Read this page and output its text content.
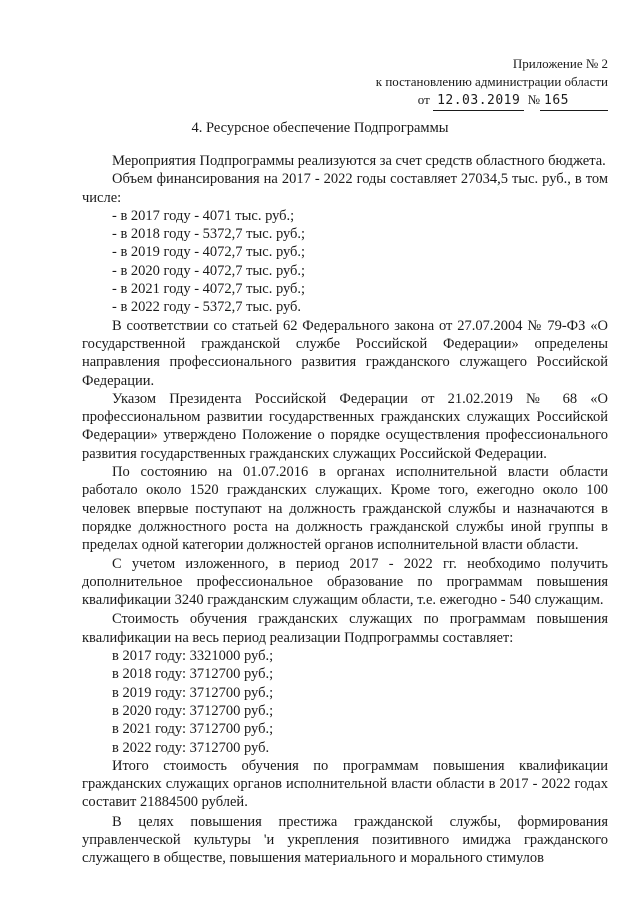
Приложение № 2
к постановлению администрации области
от 12.03.2019 № 165
4. Ресурсное обеспечение Подпрограммы

Мероприятия Подпрограммы реализуются за счет средств областного бюджета.

Объем финансирования на 2017 - 2022 годы составляет 27034,5 тыс. руб., в том числе:

- в 2017 году - 4071 тыс. руб.;

- в 2018 году - 5372,7 тыс. руб.;

- в 2019 году - 4072,7 тыс. руб.;

- в 2020 году - 4072,7 тыс. руб.;

- в 2021 году - 4072,7 тыс. руб.;

- в 2022 году - 5372,7 тыс. руб.

В соответствии со статьей 62 Федерального закона от 27.07.2004 № 79-ФЗ «О государственной гражданской службе Российской Федерации» определены направления профессионального развития гражданского служащего Российской Федерации.

Указом Президента Российской Федерации от 21.02.2019 № 68 «О профессиональном развитии государственных гражданских служащих Российской Федерации» утверждено Положение о порядке осуществления профессионального развития государственных гражданских служащих Российской Федерации.

По состоянию на 01.07.2016 в органах исполнительной власти области работало около 1520 гражданских служащих. Кроме того, ежегодно около 100 человек впервые поступают на должность гражданской службы и назначаются в порядке должностного роста на должность гражданской службы иной группы в пределах одной категории должностей органов исполнительной власти области.

С учетом изложенного, в период 2017 - 2022 гг. необходимо получить дополнительное профессиональное образование по программам повышения квалификации 3240 гражданским служащим области, т.е. ежегодно - 540 служащим.

Стоимость обучения гражданских служащих по программам повышения квалификации на весь период реализации Подпрограммы составляет:

в 2017 году: 3321000 руб.;

в 2018 году: 3712700 руб.;

в 2019 году: 3712700 руб.;

в 2020 году: 3712700 руб.;

в 2021 году: 3712700 руб.;

в 2022 году: 3712700 руб.

Итого стоимость обучения по программам повышения квалификации гражданских служащих органов исполнительной власти области в 2017 - 2022 годах составит 21884500 рублей.

В целях повышения престижа гражданской службы, формирования управленческой культуры 'и укрепления позитивного имиджа гражданского служащего в обществе, повышения материального и морального стимулов
